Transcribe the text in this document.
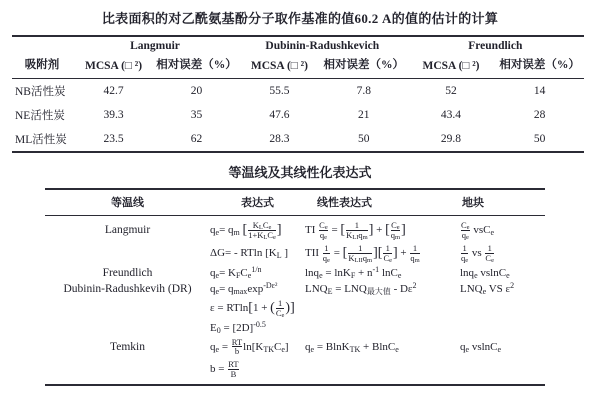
比表面积的对乙酰氨基酚分子取作基准的值60.2 A的值的估计的计算
	Langmuir		Dubinin-Radushkevich		Freundlich	
吸附剂	MCSA (□ ²)	相对误差（%）	MCSA (□ ²)	相对误差（%）	MCSA (□ ²)	相对误差（%）
NB活性炭	42.7	20	55.5	7.8	52	14
NE活性炭	39.3	35	47.6	21	43.4	28
ML活性炭	23.5	62	28.3	50	29.8	50
等温线及其线性化表达式
等温线	表达式	线性表达式	地块
Langmuir	$q_e= q_m$ [ $\frac{K_LC_e}{1+K_LC_e}$ ]	TI $\frac{C_e}{q_e}$ = [ $\frac{1}{K_{LI}q_m}$ ] + [ $\frac{C_e}{q_m}$ ]	$\frac{C_e}{q_e} vsC_e$
	ΔG= - RTln [$K_L$ ]	TII $\frac{1}{q_e}$ = [ $\frac{1}{K_{LII}q_m}$ ][ $\frac{1}{C_e}$ ] + $\frac{1}{q_m}$	$\frac{1}{q_e}$ vs $\frac{1}{C_e}$

Freundlich	$q_e= K_FC_e^{1/n}$	$\ln q_e = \ln K_F + n^{-1}$ lnC$_e$	lnq$_e$ vslnC$_e$
Dubinin-Radushkevih (DR)	$q_e= q_{max}\exp^{-D\varepsilon^2}$	$LNQ_E = LNQ_{最大值} - D\varepsilon^2$	$LNQ_e$ VS $\varepsilon^2$
	ε = RTln[1 + ( $\frac{1}{C_e}$ )]		
	$E_0 = [2D]^{-0.5}$		
Temkin	$q_e = \frac{RT}{b} \ln[K_{TK}C_e]$	$q_e = BlnK_{TK} + BlnC_e$	$q_e$ vslnC$_e$
	$b = \frac{RT}{B}$
